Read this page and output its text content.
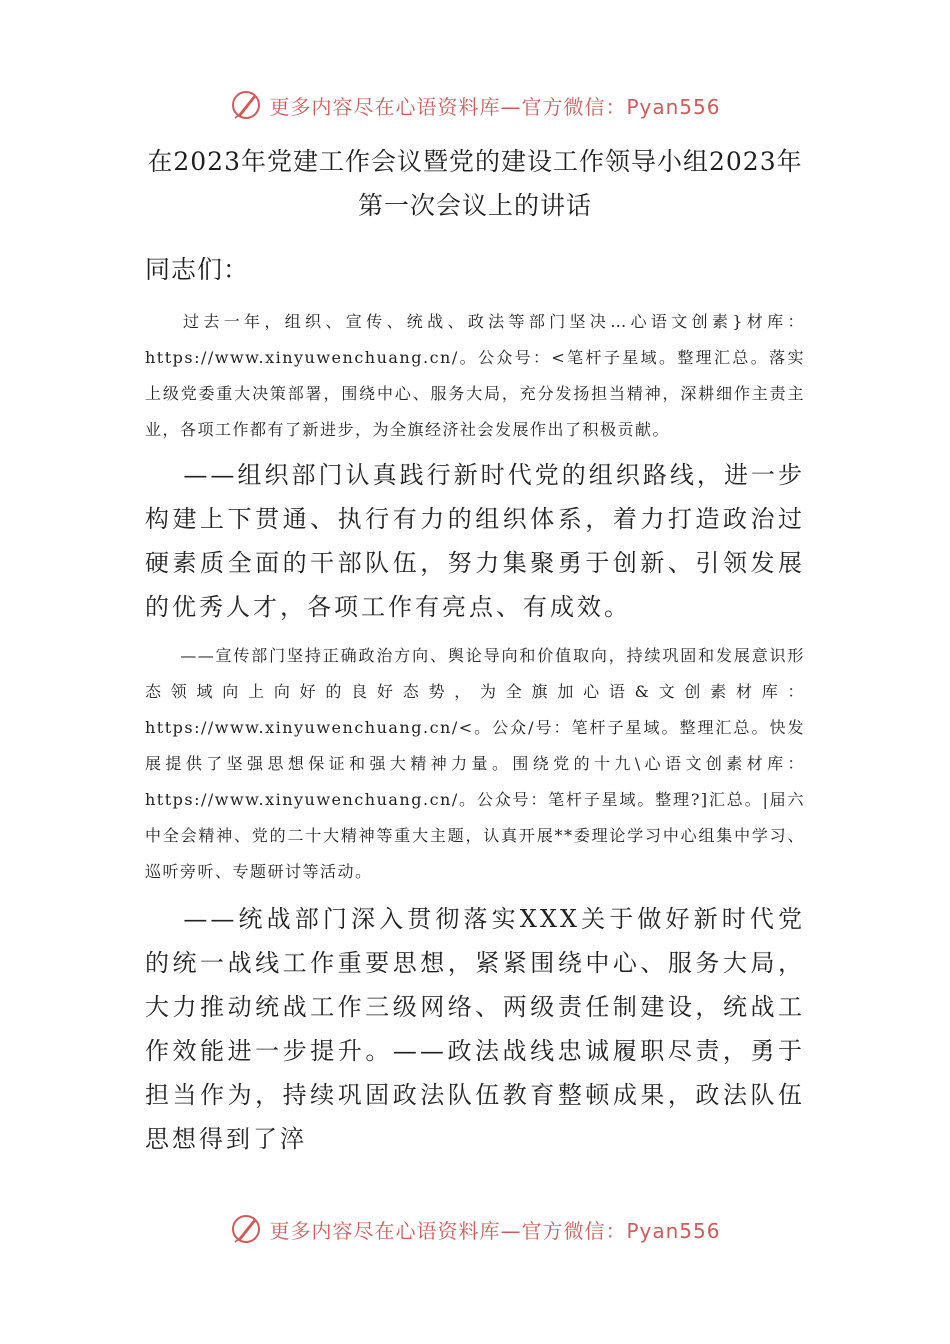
更多内容尽在心语资料库—官方微信：Pyan556
在2023年党建工作会议暨党的建设工作领导小组2023年第一次会议上的讲话
同志们：

过去一年，组织、宣传、统战、政法等部门坚决…心语文创素}材库：https://www.xinyuwenchuang.cn/。公众号：<笔杆子星域。整理汇总。落实上级党委重大决策部署，围绕中心、服务大局，充分发扬担当精神，深耕细作主责主业，各项工作都有了新进步，为全旗经济社会发展作出了积极贡献。

——组织部门认真践行新时代党的组织路线，进一步构建上下贯通、执行有力的组织体系，着力打造政治过硬素质全面的干部队伍，努力集聚勇于创新、引领发展的优秀人才，各项工作有亮点、有成效。

——宣传部门坚持正确政治方向、舆论导向和价值取向，持续巩固和发展意识形态领域向上向好的良好态势，为全旗加心语&文创素材库：https://www.xinyuwenchuang.cn/<。公众/号：笔杆子星域。整理汇总。快发展提供了坚强思想保证和强大精神力量。围绕党的十九\心语文创素材库：https://www.xinyuwenchuang.cn/。公众号：笔杆子星域。整理?]汇总。|届六中全会精神、党的二十大精神等重大主题，认真开展**委理论学习中心组集中学习、巡听旁听、专题研讨等活动。

——统战部门深入贯彻落实XXX关于做好新时代党的统一战线工作重要思想，紧紧围绕中心、服务大局，大力推动统战工作三级网络、两级责任制建设，统战工作效能进一步提升。——政法战线忠诚履职尽责，勇于担当作为，持续巩固政法队伍教育整顿成果，政法队伍思想得到了淬

更多内容尽在心语资料库—官方微信：Pyan556
